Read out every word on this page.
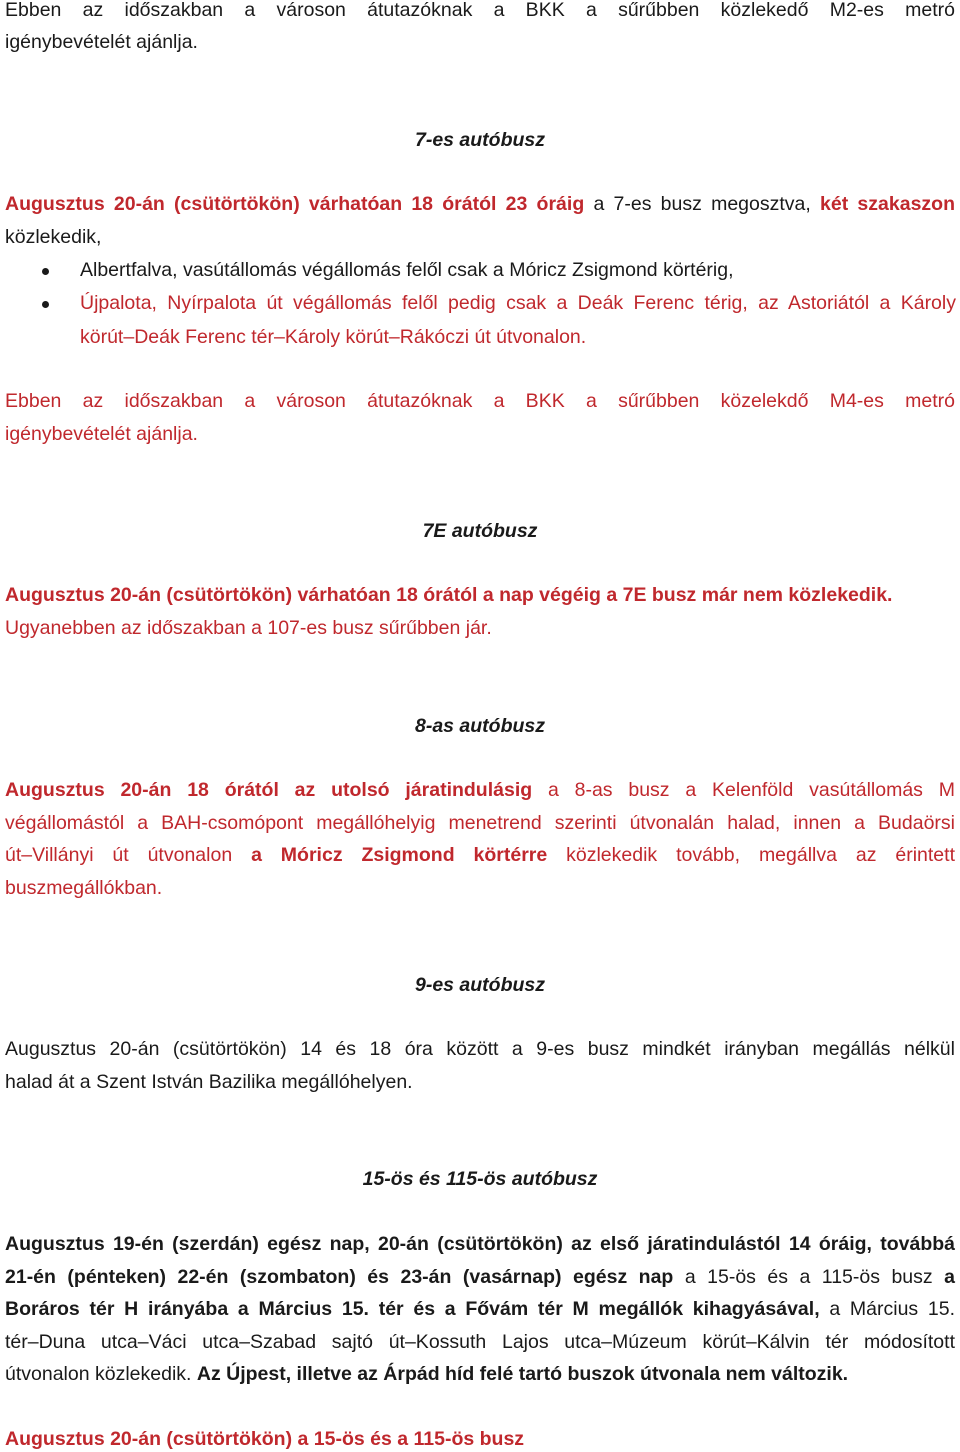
Ebben az időszakban a városon átutazóknak a BKK a sűrűbben közlekedő M2-es metró
igénybevételét ajánlja.
7-es autóbusz
Augusztus 20-án (csütörtökön) várhatóan 18 órától 23 óráig a 7-es busz megosztva, két szakaszon
közlekedik,
Albertfalva, vasútállomás végállomás felől csak a Móricz Zsigmond körtérig,
Újpalota, Nyírpalota út végállomás felől pedig csak a Deák Ferenc térig, az Astoriától a Károly
körút–Deák Ferenc tér–Károly körút–Rákóczi út útvonalon.
Ebben az időszakban a városon átutazóknak a BKK a sűrűbben közelekdő M4-es metró
igénybevételét ajánlja.
7E autóbusz
Augusztus 20-án (csütörtökön) várhatóan 18 órától a nap végéig a 7E busz már nem közlekedik.
Ugyanebben az időszakban a 107-es busz sűrűbben jár.
8-as autóbusz
Augusztus 20-án 18 órától az utolsó járatindulásig a 8-as busz a Kelenföld vasútállomás M
végállomástól a BAH-csomópont megállóhelyig menetrend szerinti útvonalán halad, innen a Budaörsi
út–Villányi út útvonalon a Móricz Zsigmond körtérre közlekedik tovább, megállva az érintett
buszmegállókban.
9-es autóbusz
Augusztus 20-án (csütörtökön) 14 és 18 óra között a 9-es busz mindkét irányban megállás nélkül
halad át a Szent István Bazilika megállóhelyen.
15-ös és 115-ös autóbusz
Augusztus 19-én (szerdán) egész nap, 20-án (csütörtökön) az első járatindulástól 14 óráig, továbbá
21-én (pénteken) 22-én (szombaton) és 23-án (vasárnap) egész nap a 15-ös és a 115-ös busz a
Boráros tér H irányába a Március 15. tér és a Fővám tér M megállók kihagyásával, a Március 15.
tér–Duna utca–Váci utca–Szabad sajtó út–Kossuth Lajos utca–Múzeum körút–Kálvin tér módosított
útvonalon közlekedik. Az Újpest, illetve az Árpád híd felé tartó buszok útvonala nem változik.
Augusztus 20-án (csütörtökön) a 15-ös és a 115-ös busz
